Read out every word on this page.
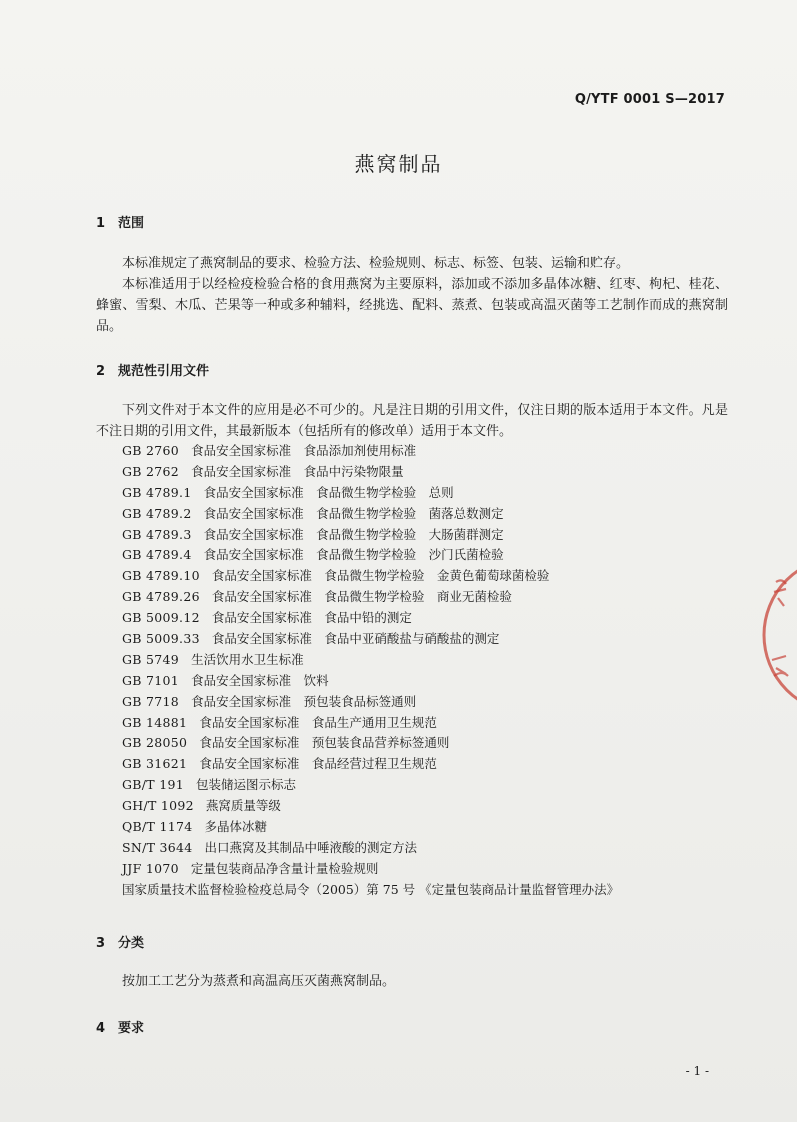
Q/YTF 0001 S—2017
燕窝制品
1 范围

本标准规定了燕窝制品的要求、检验方法、检验规则、标志、标签、包装、运输和贮存。

本标准适用于以经检疫检验合格的食用燕窝为主要原料，添加或不添加多晶体冰糖、红枣、枸杞、桂花、蜂蜜、雪梨、木瓜、芒果等一种或多种辅料，经挑选、配料、蒸煮、包装或高温灭菌等工艺制作而成的燕窝制品。

2 规范性引用文件

下列文件对于本文件的应用是必不可少的。凡是注日期的引用文件，仅注日期的版本适用于本文件。凡是不注日期的引用文件，其最新版本（包括所有的修改单）适用于本文件。

GB 2760 食品安全国家标准　食品添加剂使用标准
GB 2762 食品安全国家标准　食品中污染物限量
GB 4789.1 食品安全国家标准　食品微生物学检验　总则
GB 4789.2 食品安全国家标准　食品微生物学检验　菌落总数测定
GB 4789.3 食品安全国家标准　食品微生物学检验　大肠菌群测定
GB 4789.4 食品安全国家标准　食品微生物学检验　沙门氏菌检验
GB 4789.10 食品安全国家标准　食品微生物学检验　金黄色葡萄球菌检验
GB 4789.26 食品安全国家标准　食品微生物学检验　商业无菌检验
GB 5009.12 食品安全国家标准　食品中铅的测定
GB 5009.33 食品安全国家标准　食品中亚硝酸盐与硝酸盐的测定
GB 5749 生活饮用水卫生标准
GB 7101 食品安全国家标准　饮料
GB 7718 食品安全国家标准　预包装食品标签通则
GB 14881 食品安全国家标准　食品生产通用卫生规范
GB 28050 食品安全国家标准　预包装食品营养标签通则
GB 31621 食品安全国家标准　食品经营过程卫生规范
GB/T 191 包装储运图示标志
GH/T 1092 燕窝质量等级
QB/T 1174 多晶体冰糖
SN/T 3644 出口燕窝及其制品中唾液酸的测定方法
JJF 1070 定量包装商品净含量计量检验规则
国家质量技术监督检验检疫总局令（2005）第 75 号 《定量包装商品计量监督管理办法》
3 分类

按加工工艺分为蒸煮和高温高压灭菌燕窝制品。

4 要求
- 1 -
